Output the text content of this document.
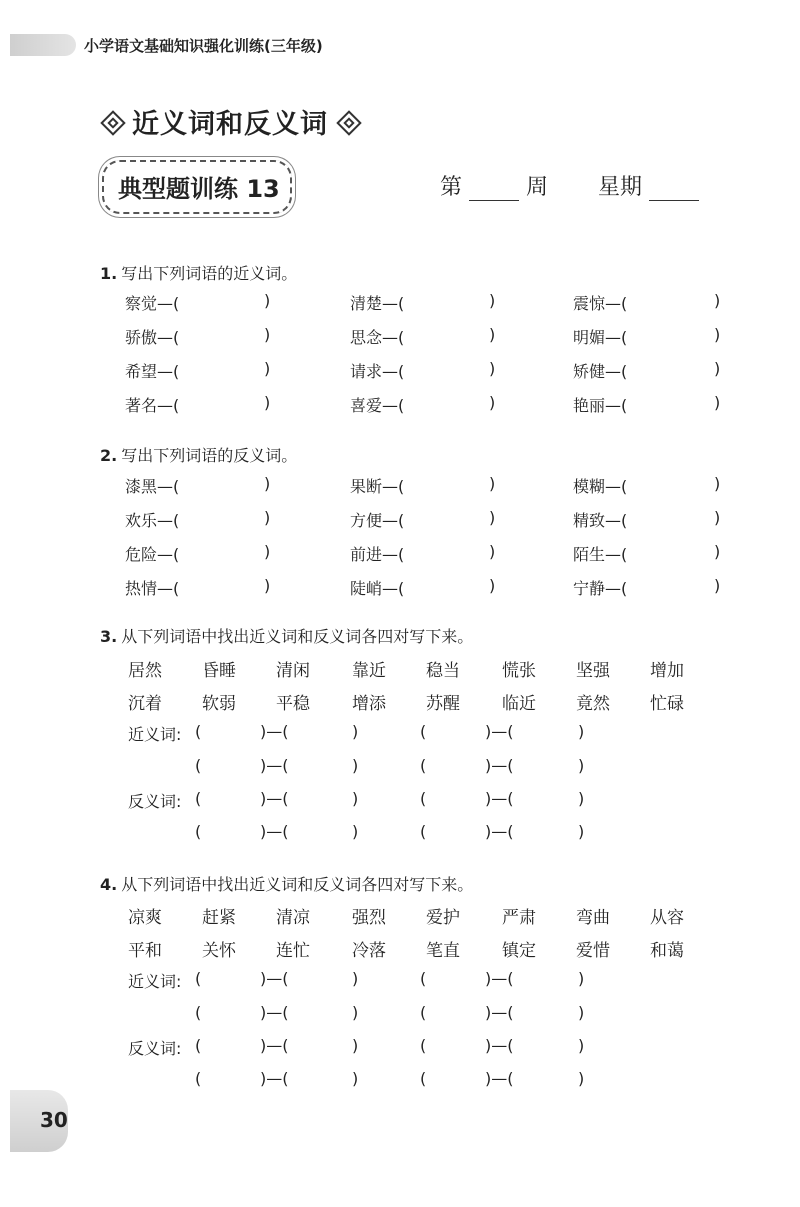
小学语文基础知识强化训练(三年级)
近义词和反义词
典型题训练 13	第	周 星期
1. 写出下列词语的近义词。
2. 写出下列词语的反义词。
3. 从下列词语中找出近义词和反义词各四对写下来。
4. 从下列词语中找出近义词和反义词各四对写下来。
30
察觉—(	)	清楚—(	)	震惊—(	)
骄傲—(	)	思念—(	)	明媚—(	)
希望—(	)	请求—(	)	矫健—(	)
著名—(	)	喜爱—(	)	艳丽—(	)
漆黑—(	)	果断—(	)	模糊—(	)
欢乐—(	)	方便—(	)	精致—(	)
危险—(	)	前进—(	)	陌生—(	)
热情—(	)	陡峭—(	)	宁静—(	)
居然 昏睡 清闲 靠近 稳当 慌张 坚强 增加
沉着 软弱 平稳 增添 苏醒 临近 竟然 忙碌
近义词: (	)—(	)	(	)—(	)
(	)—(	)	(	)—(	)
反义词: (	)—(	)	(	)—(	)
(	)—(	)	(	)—(	)
凉爽 赶紧 清凉 强烈 爱护 严肃 弯曲 从容
平和 关怀 连忙 冷落 笔直 镇定 爱惜 和蔼
近义词: (	)—(	)	(	)—(	)
(	)—(	)	(	)—(	)
反义词: (	)—(	)	(	)—(	)
(	)—(	)	(	)—(	)
